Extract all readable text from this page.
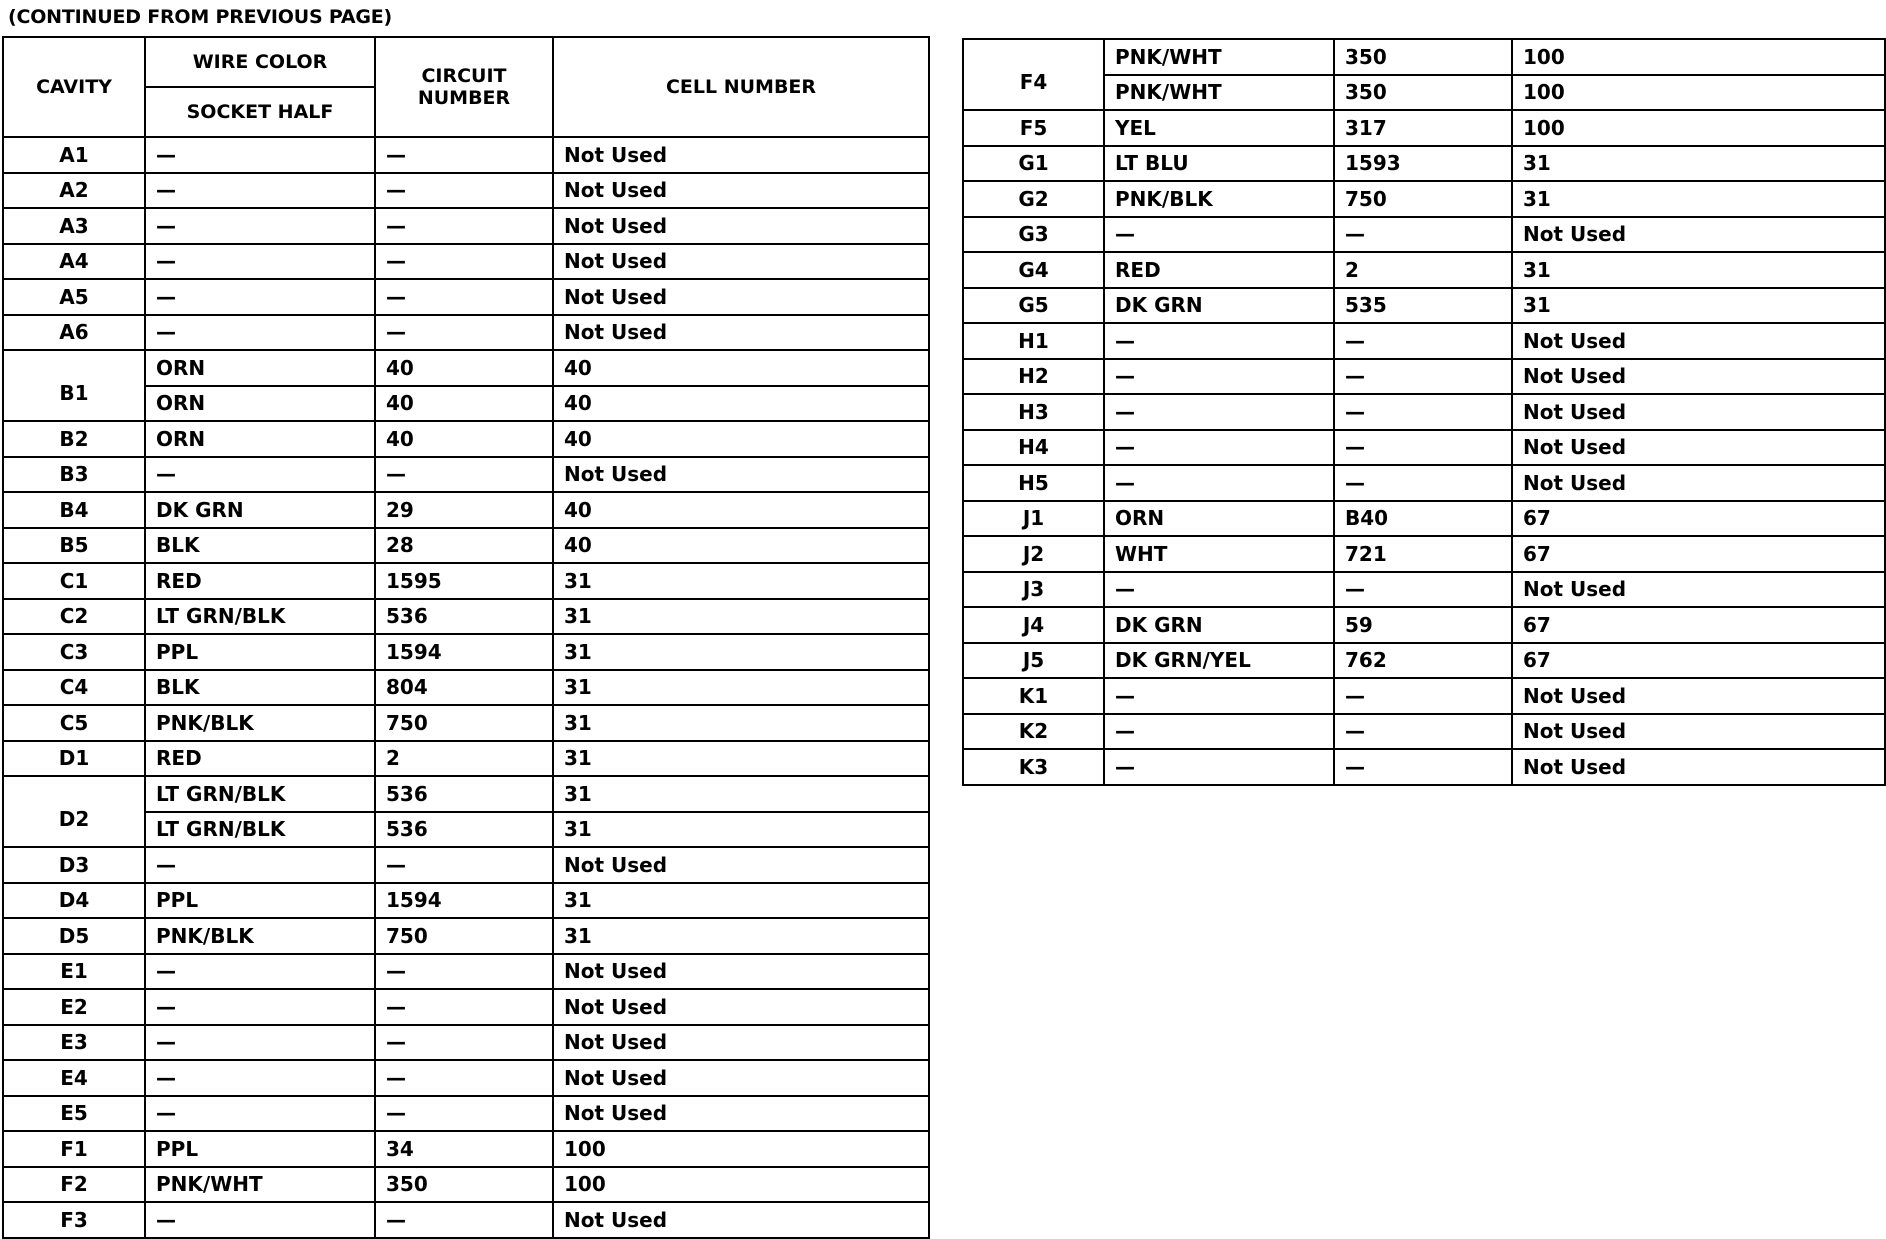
(CONTINUED FROM PREVIOUS PAGE)

CAVITY	WIRE COLOR	CIRCUIT NUMBER	CELL NUMBER
	SOCKET HALF		
A1	—	—	Not Used
A2	—	—	Not Used
A3	—	—	Not Used
A4	—	—	Not Used
A5	—	—	Not Used
A6	—	—	Not Used
B1	ORN	40	40
	ORN	40	40
B2	ORN	40	40
B3	—	—	Not Used
B4	DK GRN	29	40
B5	BLK	28	40
C1	RED	1595	31
C2	LT GRN/BLK	536	31
C3	PPL	1594	31
C4	BLK	804	31
C5	PNK/BLK	750	31
D1	RED	2	31
D2	LT GRN/BLK	536	31
	LT GRN/BLK	536	31
D3	—	—	Not Used
D4	PPL	1594	31
D5	PNK/BLK	750	31
E1	—	—	Not Used
E2	—	—	Not Used
E3	—	—	Not Used
E4	—	—	Not Used
E5	—	—	Not Used
F1	PPL	34	100
F2	PNK/WHT	350	100
F3	—	—	Not Used
F4	PNK/WHT	350	100
	PNK/WHT	350	100
F5	YEL	317	100
G1	LT BLU	1593	31
G2	PNK/BLK	750	31
G3	—	—	Not Used
G4	RED	2	31
G5	DK GRN	535	31
H1	—	—	Not Used
H2	—	—	Not Used
H3	—	—	Not Used
H4	—	—	Not Used
H5	—	—	Not Used
J1	ORN	B40	67
J2	WHT	721	67
J3	—	—	Not Used
J4	DK GRN	59	67
J5	DK GRN/YEL	762	67
K1	—	—	Not Used
K2	—	—	Not Used
K3	—	—	Not Used
